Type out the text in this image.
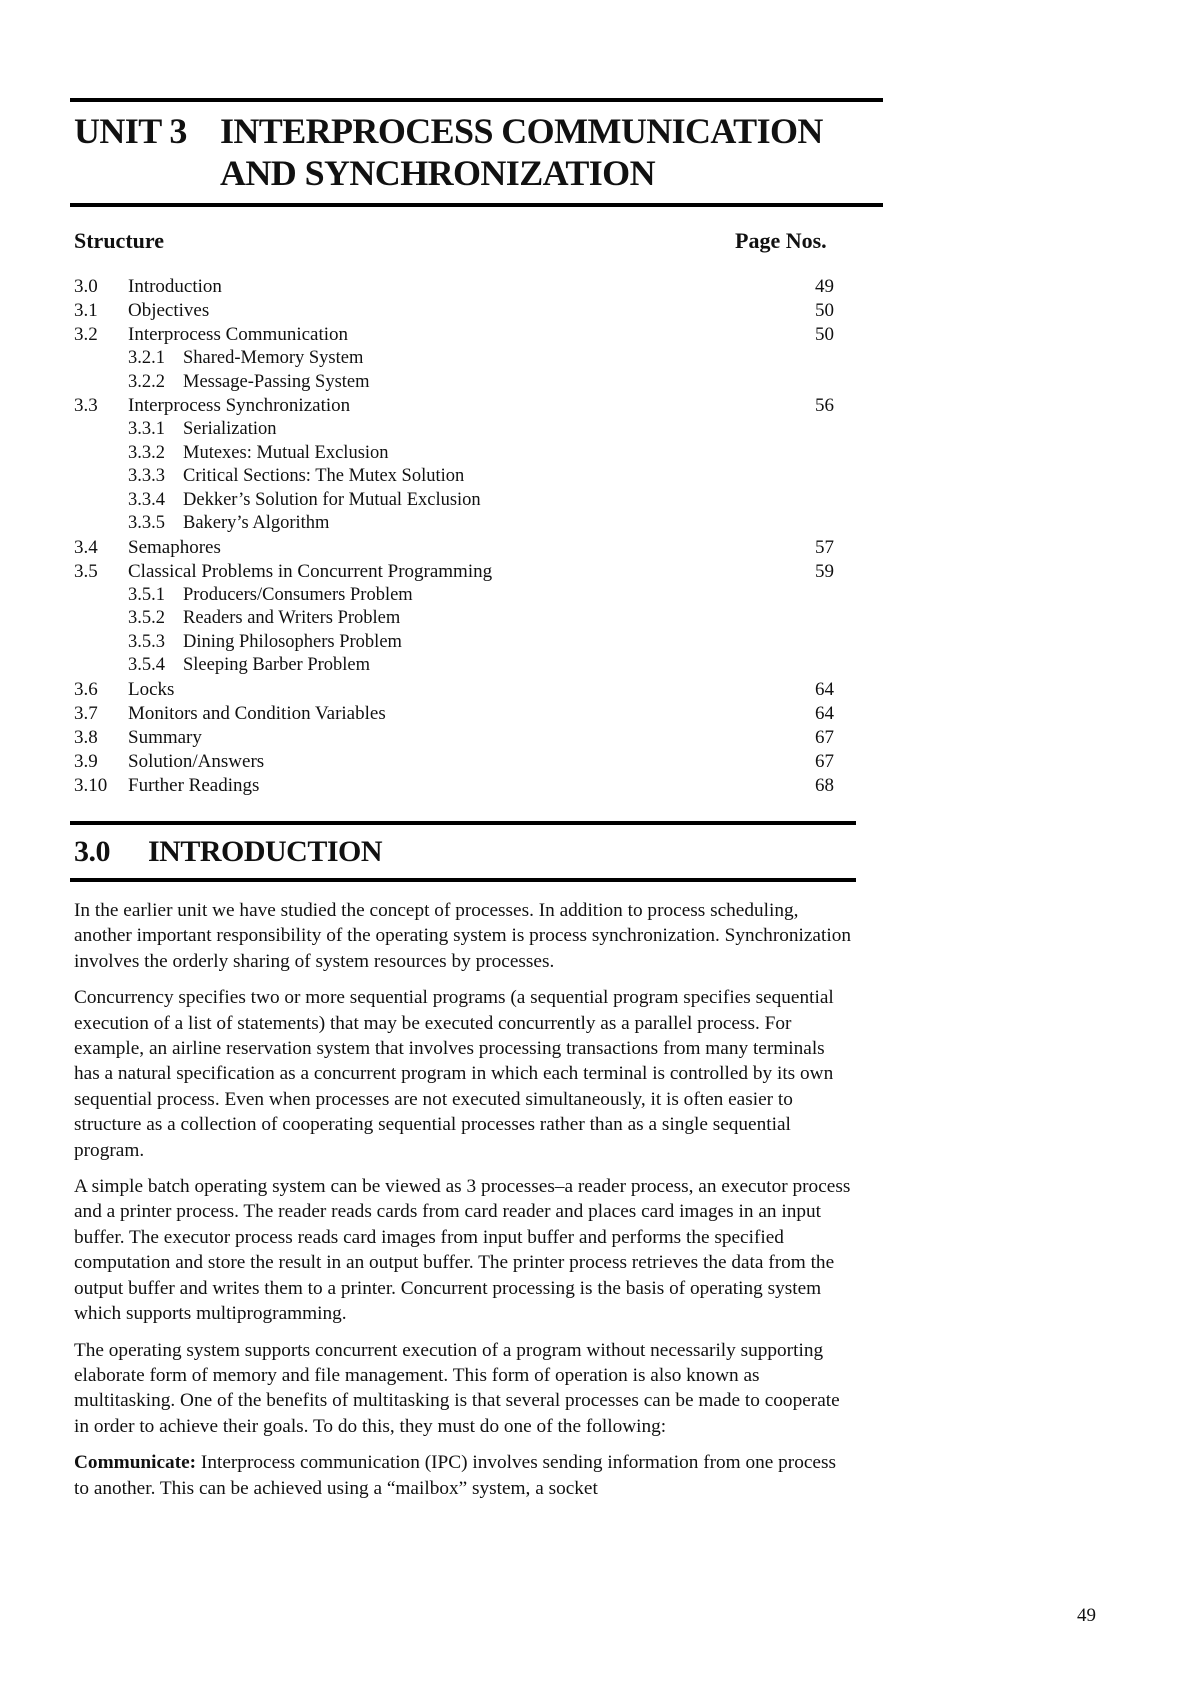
UNIT 3 INTERPROCESS COMMUNICATION
AND SYNCHRONIZATION
Structure	Page Nos.
3.0 Introduction	49
3.1 Objectives	50
3.2 Interprocess Communication	50
3.2.1 Shared-Memory System
3.2.2 Message-Passing System
3.3 Interprocess Synchronization	56
3.3.1 Serialization
3.3.2 Mutexes: Mutual Exclusion
3.3.3 Critical Sections: The Mutex Solution
3.3.4 Dekker’s Solution for Mutual Exclusion
3.3.5 Bakery’s Algorithm
3.4 Semaphores	57
3.5 Classical Problems in Concurrent Programming	59
3.5.1 Producers/Consumers Problem
3.5.2 Readers and Writers Problem
3.5.3 Dining Philosophers Problem
3.5.4 Sleeping Barber Problem
3.6 Locks	64
3.7 Monitors and Condition Variables	64
3.8 Summary	67
3.9 Solution/Answers	67
3.10 Further Readings	68
3.0 INTRODUCTION

In the earlier unit we have studied the concept of processes. In addition to process scheduling, another important responsibility of the operating system is process synchronization. Synchronization involves the orderly sharing of system resources by processes.

Concurrency specifies two or more sequential programs (a sequential program specifies sequential execution of a list of statements) that may be executed concurrently as a parallel process. For example, an airline reservation system that involves processing transactions from many terminals has a natural specification as a concurrent program in which each terminal is controlled by its own sequential process. Even when processes are not executed simultaneously, it is often easier to structure as a collection of cooperating sequential processes rather than as a single sequential program.

A simple batch operating system can be viewed as 3 processes–a reader process, an executor process and a printer process. The reader reads cards from card reader and places card images in an input buffer. The executor process reads card images from input buffer and performs the specified computation and store the result in an output buffer. The printer process retrieves the data from the output buffer and writes them to a printer. Concurrent processing is the basis of operating system which supports multiprogramming.

The operating system supports concurrent execution of a program without necessarily supporting elaborate form of memory and file management. This form of operation is also known as multitasking. One of the benefits of multitasking is that several processes can be made to cooperate in order to achieve their goals. To do this, they must do one of the following:

Communicate: Interprocess communication (IPC) involves sending information from one process to another. This can be achieved using a “mailbox” system, a socket

49
